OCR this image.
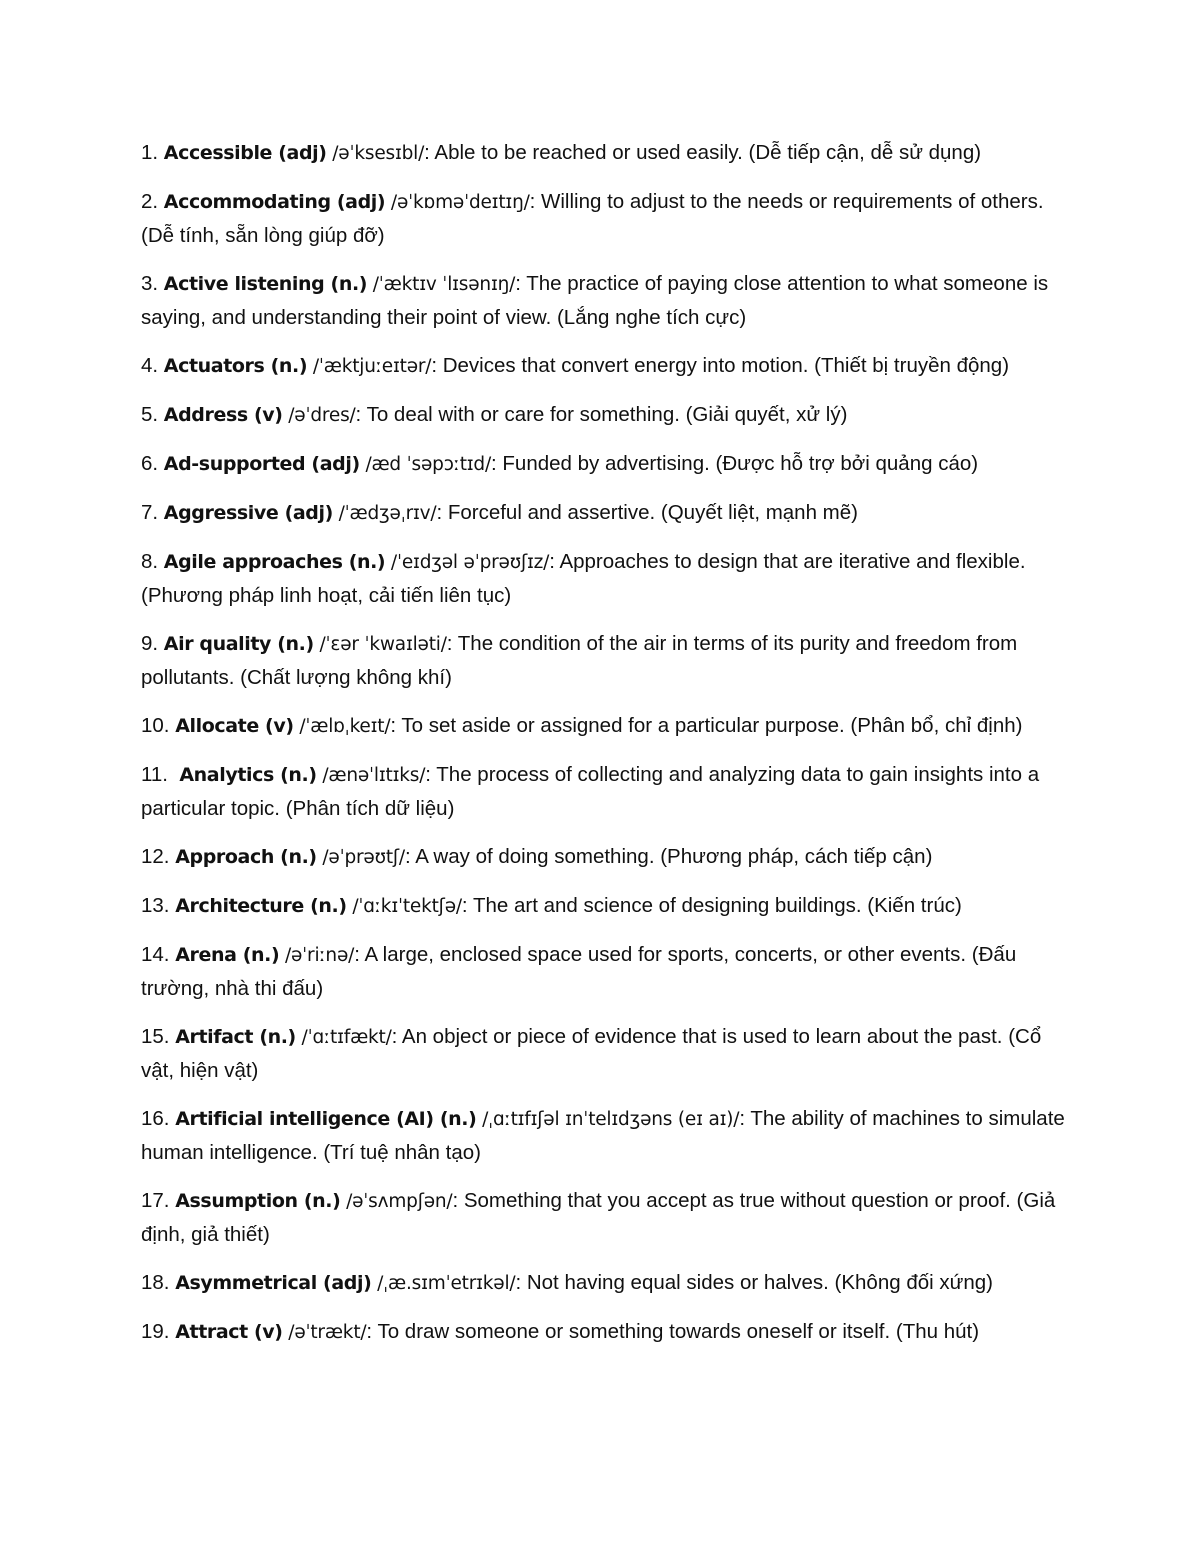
1. Accessible (adj) /əˈksesɪbl/: Able to be reached or used easily. (Dễ tiếp cận, dễ sử dụng)
2. Accommodating (adj) /əˈkɒməˈdeɪtɪŋ/: Willing to adjust to the needs or requirements of others. (Dễ tính, sẵn lòng giúp đỡ)
3. Active listening (n.) /ˈæktɪv ˈlɪsənɪŋ/: The practice of paying close attention to what someone is saying, and understanding their point of view. (Lắng nghe tích cực)
4. Actuators (n.) /ˈæktjuːeɪtər/: Devices that convert energy into motion. (Thiết bị truyền động)
5. Address (v) /əˈdres/: To deal with or care for something. (Giải quyết, xử lý)
6. Ad-supported (adj) /æd ˈsəpɔːtɪd/: Funded by advertising. (Được hỗ trợ bởi quảng cáo)
7. Aggressive (adj) /ˈædʒəˌrɪv/: Forceful and assertive. (Quyết liệt, mạnh mẽ)
8. Agile approaches (n.) /ˈeɪdʒəl əˈprəʊʃɪz/: Approaches to design that are iterative and flexible. (Phương pháp linh hoạt, cải tiến liên tục)
9. Air quality (n.) /ˈɛər ˈkwaɪləti/: The condition of the air in terms of its purity and freedom from pollutants. (Chất lượng không khí)
10. Allocate (v) /ˈælɒˌkeɪt/: To set aside or assigned for a particular purpose. (Phân bổ, chỉ định)
11.  Analytics (n.) /ænəˈlɪtɪks/: The process of collecting and analyzing data to gain insights into a particular topic. (Phân tích dữ liệu)
12. Approach (n.) /əˈprəʊtʃ/: A way of doing something. (Phương pháp, cách tiếp cận)
13. Architecture (n.) /ˈɑːkɪˈtektʃə/: The art and science of designing buildings. (Kiến trúc)
14. Arena (n.) /əˈriːnə/: A large, enclosed space used for sports, concerts, or other events. (Đấu trường, nhà thi đấu)
15. Artifact (n.) /ˈɑːtɪfækt/: An object or piece of evidence that is used to learn about the past. (Cổ vật, hiện vật)
16. Artificial intelligence (AI) (n.) /ˌɑːtɪfɪʃəl ɪnˈtelɪdʒəns (eɪ aɪ)/: The ability of machines to simulate human intelligence. (Trí tuệ nhân tạo)
17. Assumption (n.) /əˈsʌmpʃən/: Something that you accept as true without question or proof. (Giả định, giả thiết)
18. Asymmetrical (adj) /ˌæ.sɪmˈetrɪkəl/: Not having equal sides or halves. (Không đối xứng)
19. Attract (v) /əˈtrækt/: To draw someone or something towards oneself or itself. (Thu hút)
